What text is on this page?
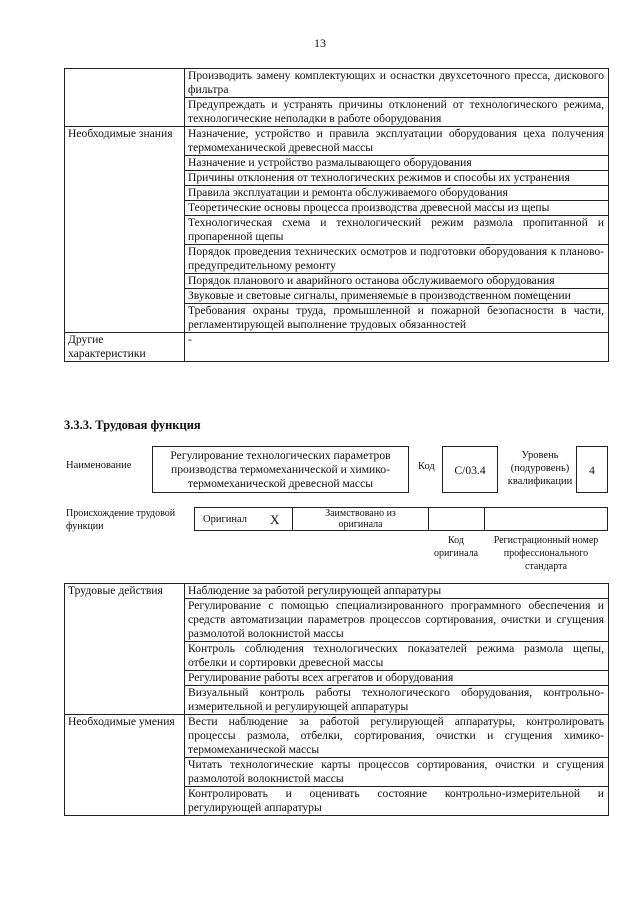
13
	Производить замену комплектующих и оснастки двухсеточного пресса, дискового фильтра
	Предупреждать и устранять причины отклонений от технологического режима, технологические неполадки в работе оборудования
Необходимые знания	Назначение, устройство и правила эксплуатации оборудования цеха получения термомеханической древесной массы
	Назначение и устройство размалывающего оборудования
	Причины отклонения от технологических режимов и способы их устранения
	Правила эксплуатации и ремонта обслуживаемого оборудования
	Теоретические основы процесса производства древесной массы из щепы
	Технологическая схема и технологический режим размола пропитанной и пропаренной щепы
	Порядок проведения технических осмотров и подготовки оборудования к планово-предупредительному ремонту
	Порядок планового и аварийного останова обслуживаемого оборудования
	Звуковые и световые сигналы, применяемые в производственном помещении
	Требования охраны труда, промышленной и пожарной безопасности в части, регламентирующей выполнение трудовых обязанностей
Другие характеристики	-
3.3.3. Трудовая функция
Наименование
Регулирование технологических параметров производства термомеханической и химико-термомеханической древесной массы
Код	C/03.4
Уровень (подуровень) квалификации
4
Происхождение трудовой функции
Оригинал X	Заимствовано из оригинала
Код оригинала
Регистрационный номер профессионального стандарта
Трудовые действия	Наблюдение за работой регулирующей аппаратуры
	Регулирование с помощью специализированного программного обеспечения и средств автоматизации параметров процессов сортирования, очистки и сгущения размолотой волокнистой массы
	Контроль соблюдения технологических показателей режима размола щепы, отбелки и сортировки древесной массы
	Регулирование работы всех агрегатов и оборудования
	Визуальный контроль работы технологического оборудования, контрольно-измерительной и регулирующей аппаратуры
Необходимые умения	Вести наблюдение за работой регулирующей аппаратуры, контролировать процессы размола, отбелки, сортирования, очистки и сгущения химико-термомеханической массы
	Читать технологические карты процессов сортирования, очистки и сгущения размолотой волокнистой массы
	Контролировать и оценивать состояние контрольно-измерительной и регулирующей аппаратуры
